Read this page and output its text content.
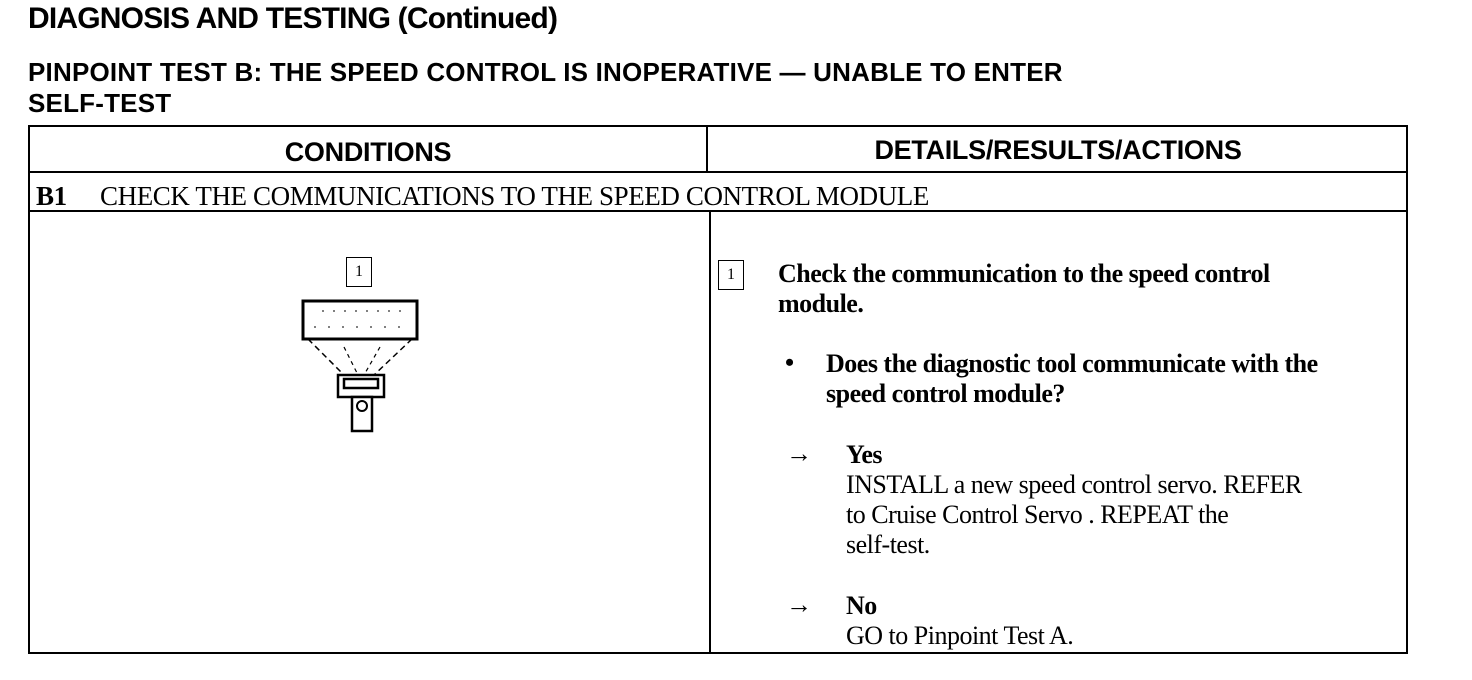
DIAGNOSIS AND TESTING (Continued)
PINPOINT TEST B: THE SPEED CONTROL IS INOPERATIVE — UNABLE TO ENTER
SELF-TEST
CONDITIONS	DETAILS/RESULTS/ACTIONS
B1 CHECK THE COMMUNICATIONS TO THE SPEED CONTROL MODULE
1	1	Check the communication to the speed control
module.
• Does the diagnostic tool communicate with the
speed control module?
→ Yes
INSTALL a new speed control servo. REFER
to Cruise Control Servo . REPEAT the
self-test.
→ No
GO to Pinpoint Test A.
